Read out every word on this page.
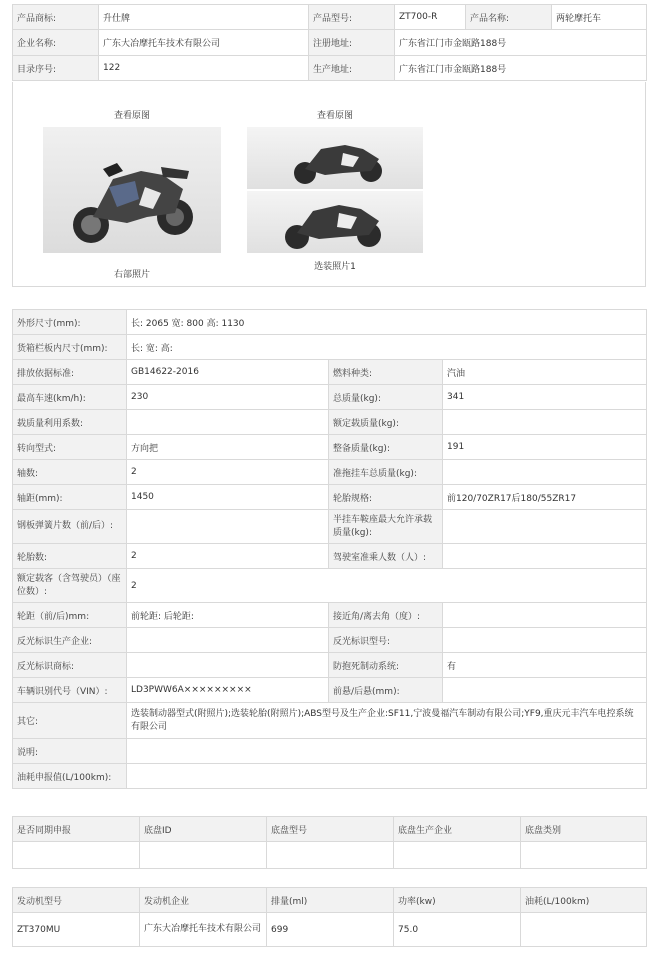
产品商标:	升仕牌	产品型号:	ZT700-R	产品名称:	两轮摩托车
企业名称:	广东大冶摩托车技术有限公司	注册地址:	广东省江门市金瓯路188号		
目录序号:	122	生产地址:	广东省江门市金瓯路188号		
查看原图
右部照片
查看原图
选装照片1
外形尺寸(mm):	长: 2065 宽: 800 高: 1130		
货箱栏板内尺寸(mm):	长: 宽: 高:		
排放依据标准:	GB14622-2016	燃料种类:	汽油
最高车速(km/h):	230	总质量(kg):	341
载质量利用系数:		额定载质量(kg):	
转向型式:	方向把	整备质量(kg):	191
轴数:	2	准拖挂车总质量(kg):	
轴距(mm):	1450	轮胎规格:	前120/70ZR17后180/55ZR17
钢板弹簧片数（前/后）:		半挂车鞍座最大允许承载质量(kg):	
轮胎数:	2	驾驶室准乘人数（人）:	
额定载客（含驾驶员）（座位数）:	2		
轮距（前/后)mm:	前轮距: 后轮距:	接近角/离去角（度）:	
反光标识生产企业:		反光标识型号:	
反光标识商标:		防抱死制动系统:	有
车辆识别代号（VIN）:	LD3PWW6A×××××××××	前悬/后悬(mm):	
其它:	选装制动器型式(附照片);选装轮胎(附照片);ABS型号及生产企业:SF11,宁波曼福汽车制动有限公司;YF9,重庆元丰汽车电控系统有限公司		
说明:			
油耗申报值(L/100km):			
是否同期申报	底盘ID	底盘型号	底盘生产企业	底盘类别

发动机型号	发动机企业	排量(ml)	功率(kw)	油耗(L/100km)
ZT370MU	广东大冶摩托车技术有限公司	699	75.0	
